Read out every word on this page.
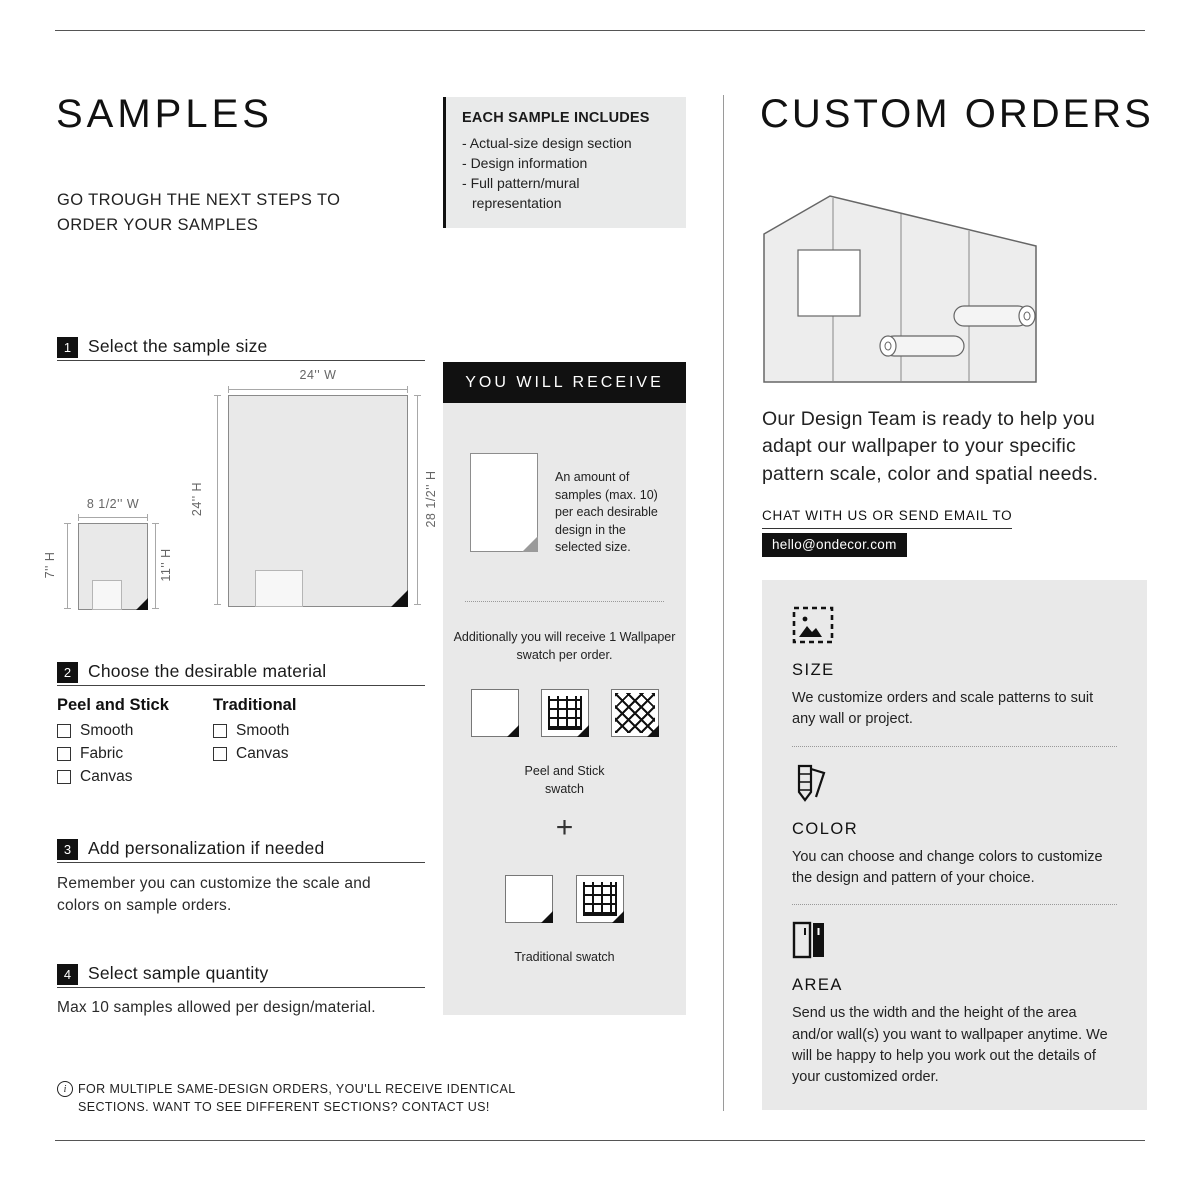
SAMPLES
GO TROUGH THE NEXT STEPS TO ORDER YOUR SAMPLES
EACH SAMPLE INCLUDES
- Actual-size design section
- Design information
- Full pattern/mural representation
CUSTOM ORDERS
Our Design Team is ready to help you adapt our wallpaper to your specific pattern scale, color and spatial needs.
CHAT WITH US OR SEND EMAIL TO
hello@ondecor.com
SIZE
We customize orders and scale patterns to suit any wall or project.
COLOR
You can choose and change colors to customize the design and pattern of your choice.
AREA
Send us the width and the height of the area and/or wall(s) you want to wallpaper anytime. We will be happy to help you work out the details of your customized order.
1 Select the sample size
24'' W
24'' H	28 1/2'' H
8 1/2'' W
7'' H	11'' H
2 Choose the desirable material
Peel and Stick
Smooth
Fabric
Canvas
Traditional
Smooth
Canvas
3 Add personalization if needed
Remember you can customize the scale and colors on sample orders.
4 Select sample quantity
Max 10 samples allowed per design/material.
YOU WILL RECEIVE
An amount of samples (max. 10) per each desirable design in the selected size.
Additionally you will receive 1 Wallpaper swatch per order.
Peel and Stick swatch
+
Traditional swatch
i FOR MULTIPLE SAME-DESIGN ORDERS, YOU'LL RECEIVE IDENTICAL SECTIONS. WANT TO SEE DIFFERENT SECTIONS? CONTACT US!
